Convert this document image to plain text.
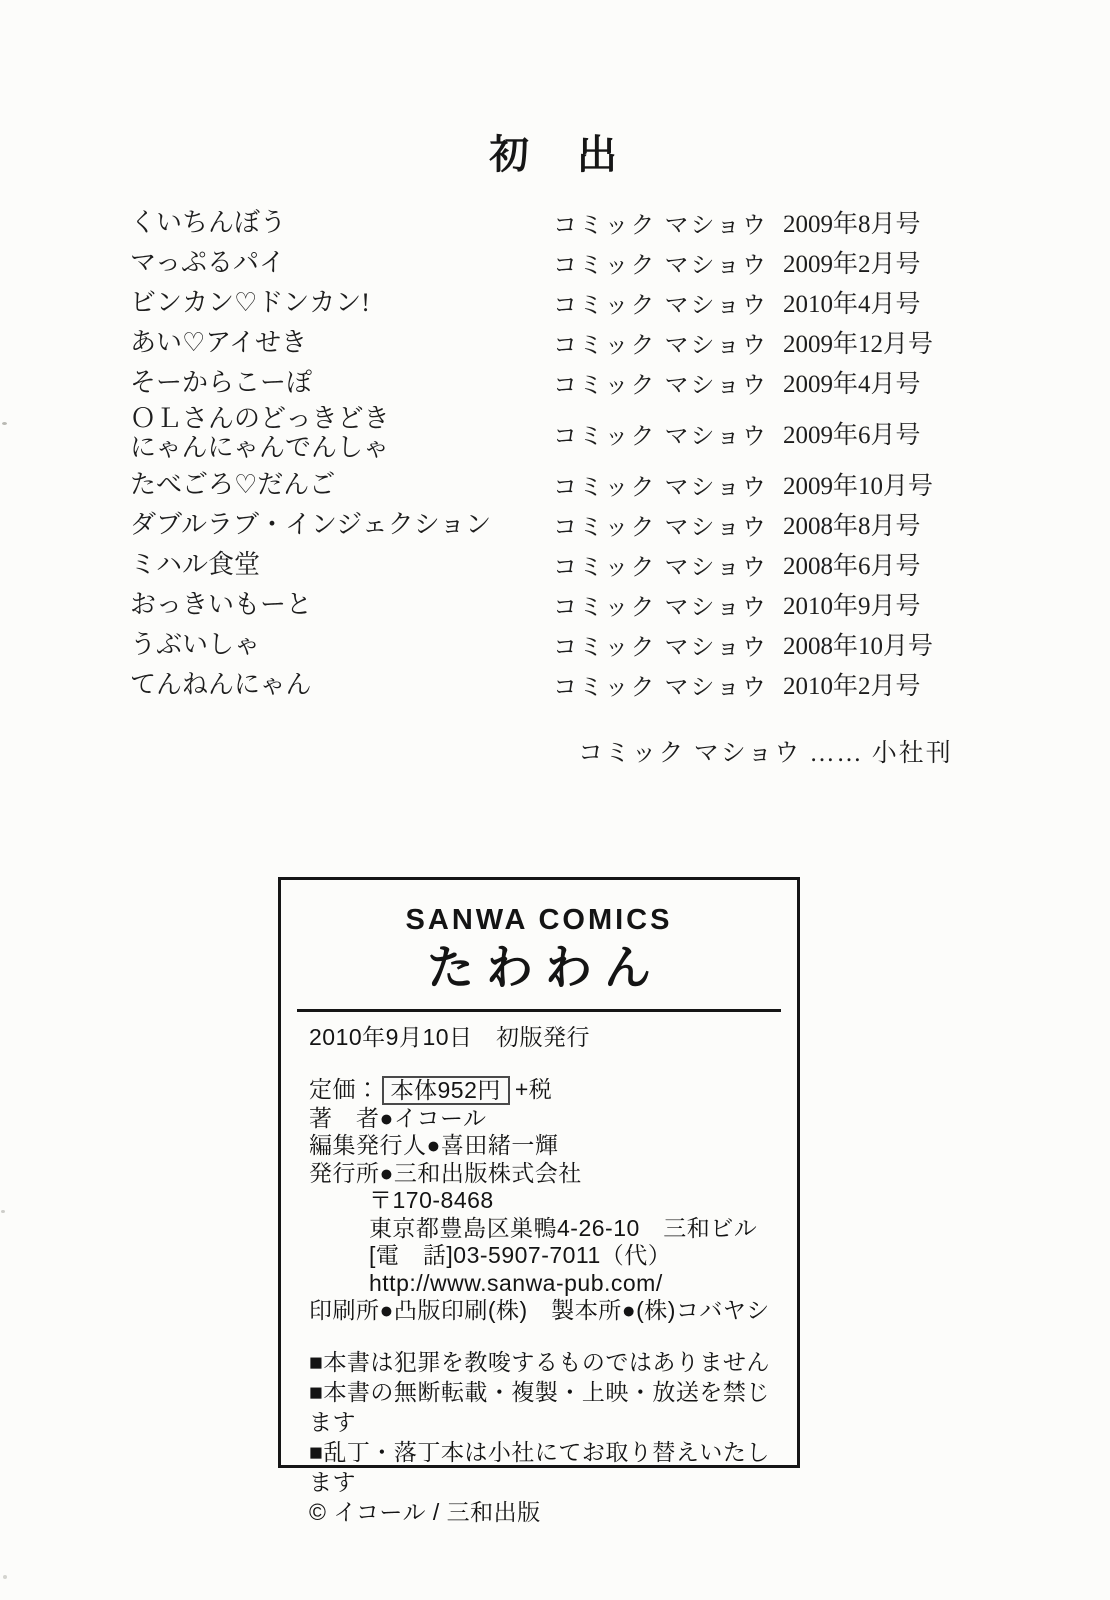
初　出
くいちんぼう	コミック マショウ 2009年8月号
マっぷるパイ	コミック マショウ 2009年2月号
ビンカン♡ドンカン!	コミック マショウ 2010年4月号
あい♡アイせき	コミック マショウ 2009年12月号
そーからこーぽ	コミック マショウ 2009年4月号
ＯＬさんのどっきどき
にゃんにゃんでんしゃ	コミック マショウ 2009年6月号
たべごろ♡だんご	コミック マショウ 2009年10月号
ダブルラブ・インジェクション	コミック マショウ 2008年8月号
ミハル食堂	コミック マショウ 2008年6月号
おっきいもーと	コミック マショウ 2010年9月号
うぶいしゃ	コミック マショウ 2008年10月号
てんねんにゃん	コミック マショウ 2010年2月号
コミック マショウ …… 小社刊
SANWA COMICS
たわわん
2010年9月10日　初版発行
定価： 本体952円 +税
著　者●イコール
編集発行人●喜田緒一輝
発行所●三和出版株式会社
〒170-8468
東京都豊島区巣鴨4-26-10　三和ビル
[電　話]03-5907-7011（代）
http://www.sanwa-pub.com/
印刷所●凸版印刷(株)　製本所●(株)コバヤシ
■本書は犯罪を教唆するものではありません
■本書の無断転載・複製・上映・放送を禁じます
■乱丁・落丁本は小社にてお取り替えいたします
© イコール / 三和出版
